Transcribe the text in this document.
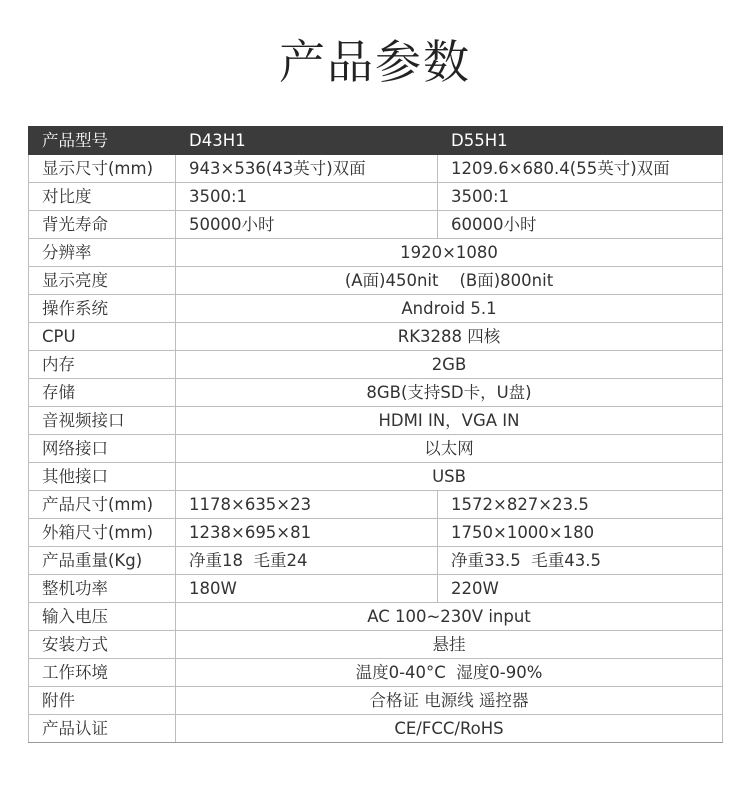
产品参数
产品型号	D43H1	D55H1
显示尺寸(mm)	943×536(43英寸)双面	1209.6×680.4(55英寸)双面
对比度	3500:1	3500:1
背光寿命	50000小时	60000小时
分辨率	1920×1080	
显示亮度	(A面)450nit    (B面)800nit	
操作系统	Android 5.1	
CPU	RK3288 四核	
内存	2GB	
存储	8GB(支持SD卡，U盘)	
音视频接口	HDMI IN，VGA IN	
网络接口	以太网	
其他接口	USB	
产品尺寸(mm)	1178×635×23	1572×827×23.5
外箱尺寸(mm)	1238×695×81	1750×1000×180
产品重量(Kg)	净重18  毛重24	净重33.5  毛重43.5
整机功率	180W	220W
输入电压	AC 100~230V input	
安装方式	悬挂	
工作环境	温度0-40°C  湿度0-90%	
附件	合格证 电源线 遥控器	
产品认证	CE/FCC/RoHS	
